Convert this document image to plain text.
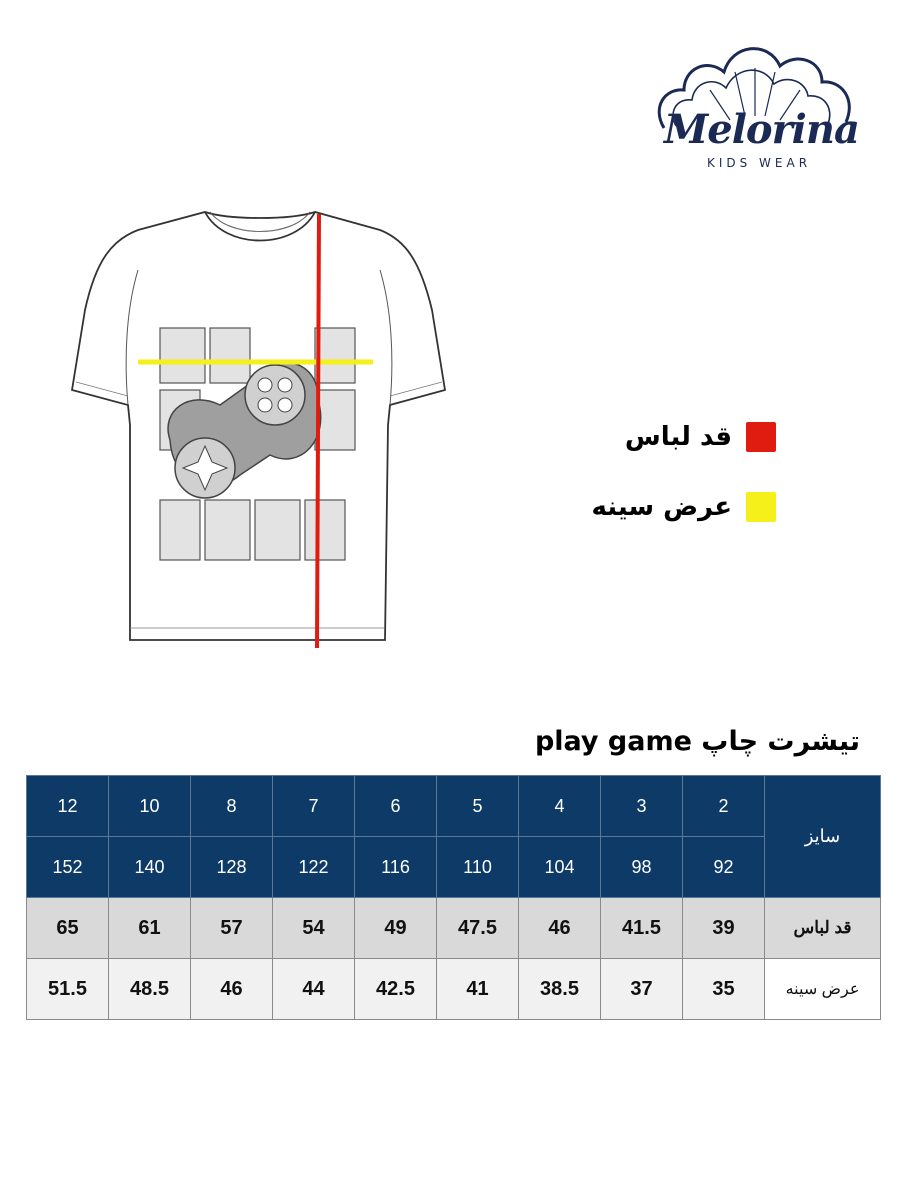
Melorina
KIDS WEAR
قد لباس
عرض سینه
تیشرت چاپ play game
12	10	8	7	6	5	4	3	2	سایز
152	140	128	122	116	110	104	98	92	
65	61	57	54	49	47.5	46	41.5	39	قد لباس
51.5	48.5	46	44	42.5	41	38.5	37	35	عرض سینه
